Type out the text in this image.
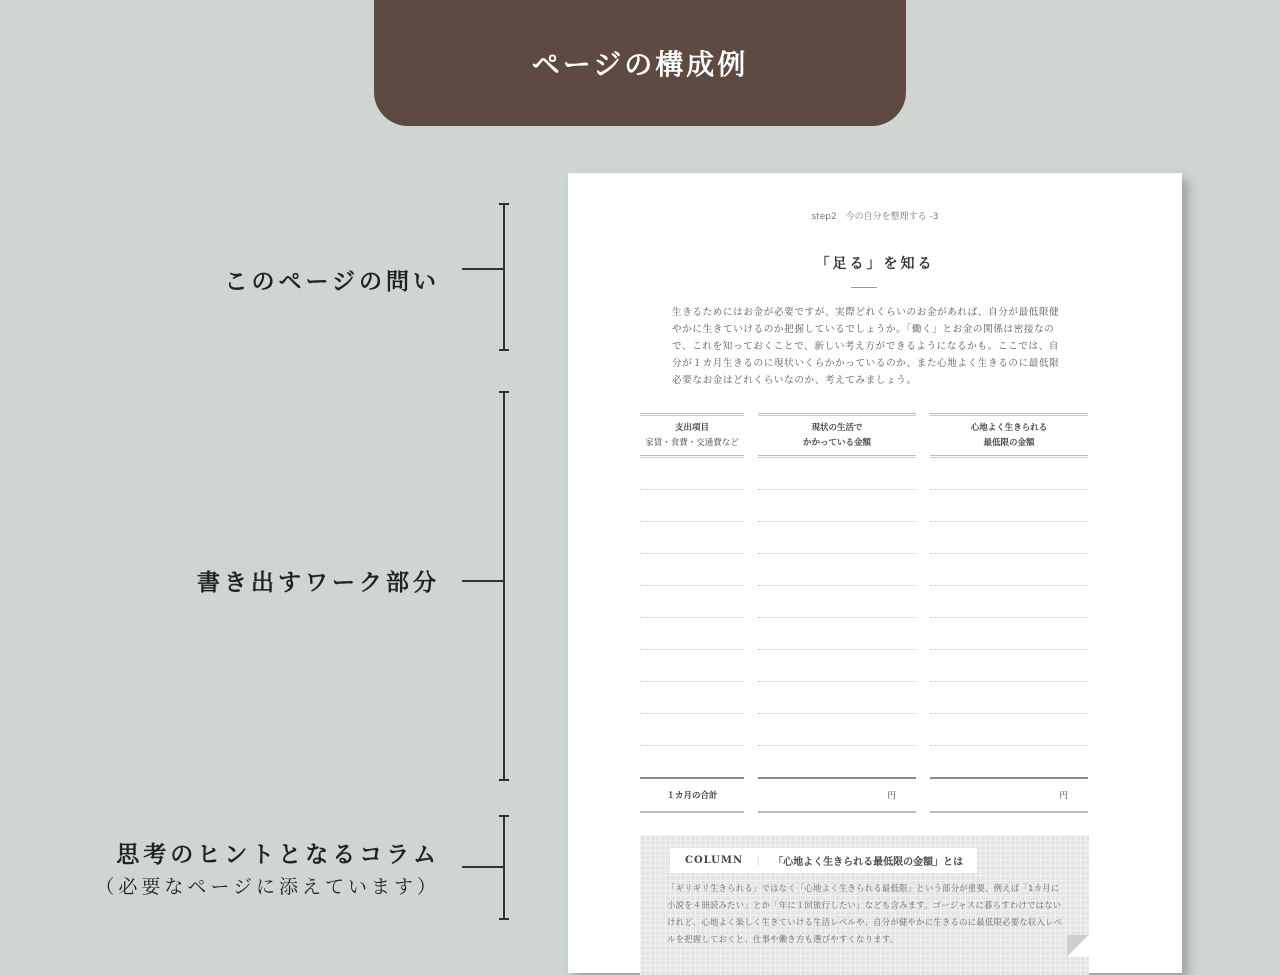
ページの構成例
このページの問い
書き出すワーク部分
思考のヒントとなるコラム
（必要なページに添えています）
step2　今の自分を整理する -3
「足る」を知る
生きるためにはお金が必要ですが、実際どれくらいのお金があれば、自分が最低限健やかに生きていけるのか把握しているでしょうか。「働く」とお金の関係は密接なので、これを知っておくことで、新しい考え方ができるようになるかも。ここでは、自分が１カ月生きるのに現状いくらかかっているのか、また心地よく生きるのに最低限必要なお金はどれくらいなのか、考えてみましょう。
支出項目
家賃・食費・交通費など
現状の生活で
かかっている金額
心地よく生きられる
最低限の金額
１カ月の合計	円	円
COLUMN ｜ 「心地よく生きられる最低限の金額」とは
「ギリギリ生きられる」ではなく「心地よく生きられる最低限」という部分が重要。例えば「1カ月に小説を４冊読みたい」とか「年に１回旅行したい」なども含みます。ゴージャスに暮らすわけではないけれど、心地よく楽しく生きていける生活レベルや、自分が健やかに生きるのに最低限必要な収入レベルを把握しておくと、仕事や働き方も選びやすくなります。
